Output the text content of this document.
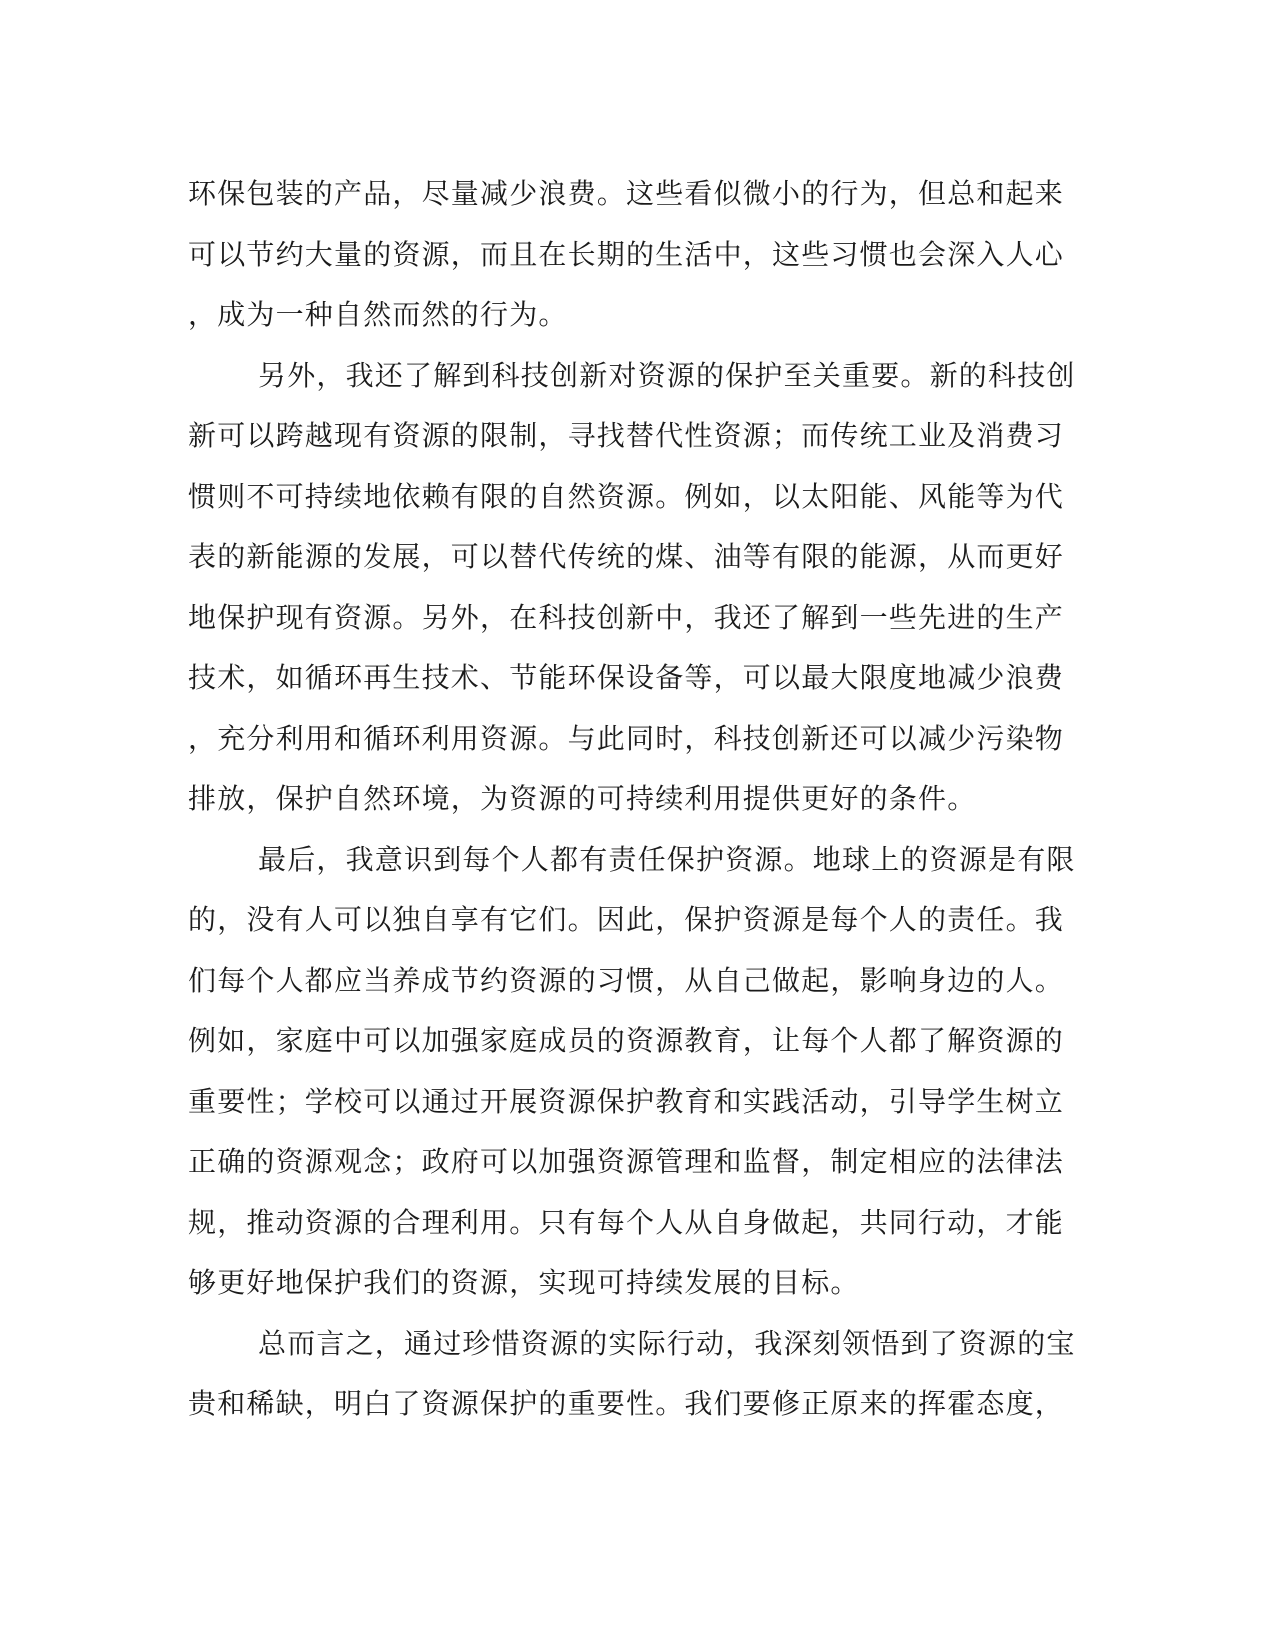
环保包装的产品，尽量减少浪费。这些看似微小的行为，但总和起来
可以节约大量的资源，而且在长期的生活中，这些习惯也会深入人心
，成为一种自然而然的行为。
另外，我还了解到科技创新对资源的保护至关重要。新的科技创
新可以跨越现有资源的限制，寻找替代性资源；而传统工业及消费习
惯则不可持续地依赖有限的自然资源。例如，以太阳能、风能等为代
表的新能源的发展，可以替代传统的煤、油等有限的能源，从而更好
地保护现有资源。另外，在科技创新中，我还了解到一些先进的生产
技术，如循环再生技术、节能环保设备等，可以最大限度地减少浪费
，充分利用和循环利用资源。与此同时，科技创新还可以减少污染物
排放，保护自然环境，为资源的可持续利用提供更好的条件。
最后，我意识到每个人都有责任保护资源。地球上的资源是有限
的，没有人可以独自享有它们。因此，保护资源是每个人的责任。我
们每个人都应当养成节约资源的习惯，从自己做起，影响身边的人。
例如，家庭中可以加强家庭成员的资源教育，让每个人都了解资源的
重要性；学校可以通过开展资源保护教育和实践活动，引导学生树立
正确的资源观念；政府可以加强资源管理和监督，制定相应的法律法
规，推动资源的合理利用。只有每个人从自身做起，共同行动，才能
够更好地保护我们的资源，实现可持续发展的目标。
总而言之，通过珍惜资源的实际行动，我深刻领悟到了资源的宝
贵和稀缺，明白了资源保护的重要性。我们要修正原来的挥霍态度，
